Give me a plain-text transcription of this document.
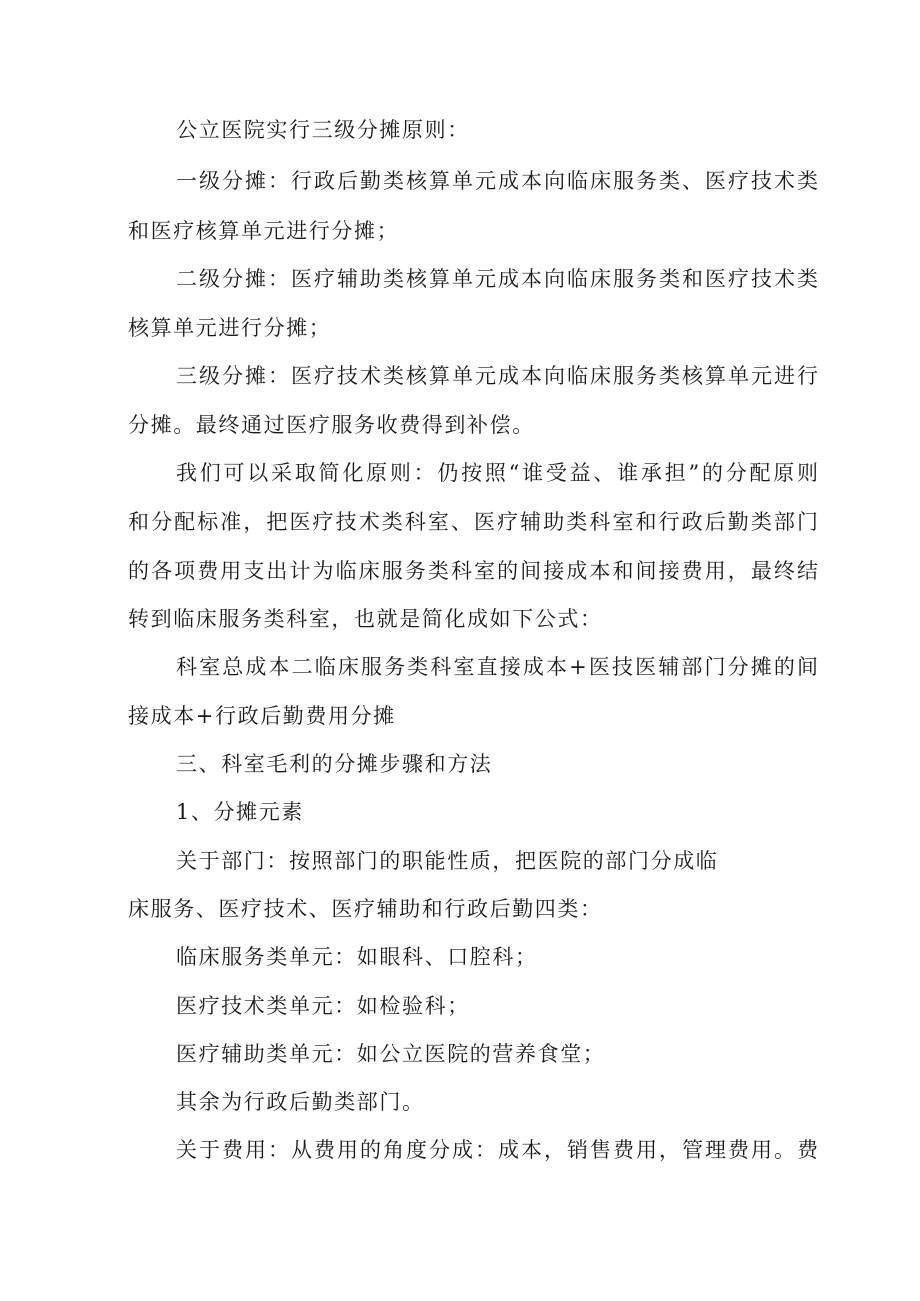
公立医院实行三级分摊原则：

一级分摊：行政后勤类核算单元成本向临床服务类、医疗技术类

和医疗核算单元进行分摊；

二级分摊：医疗辅助类核算单元成本向临床服务类和医疗技术类

核算单元进行分摊；

三级分摊：医疗技术类核算单元成本向临床服务类核算单元进行

分摊。最终通过医疗服务收费得到补偿。

我们可以采取简化原则：仍按照“谁受益、谁承担”的分配原则

和分配标准，把医疗技术类科室、医疗辅助类科室和行政后勤类部门

的各项费用支出计为临床服务类科室的间接成本和间接费用，最终结

转到临床服务类科室，也就是简化成如下公式：

科室总成本二临床服务类科室直接成本+医技医辅部门分摊的间

接成本+行政后勤费用分摊

三、科室毛利的分摊步骤和方法

1、分摊元素

关于部门：按照部门的职能性质，把医院的部门分成临

床服务、医疗技术、医疗辅助和行政后勤四类：

临床服务类单元：如眼科、口腔科；

医疗技术类单元：如检验科；

医疗辅助类单元：如公立医院的营养食堂；

其余为行政后勤类部门。

关于费用：从费用的角度分成：成本，销售费用，管理费用。费
